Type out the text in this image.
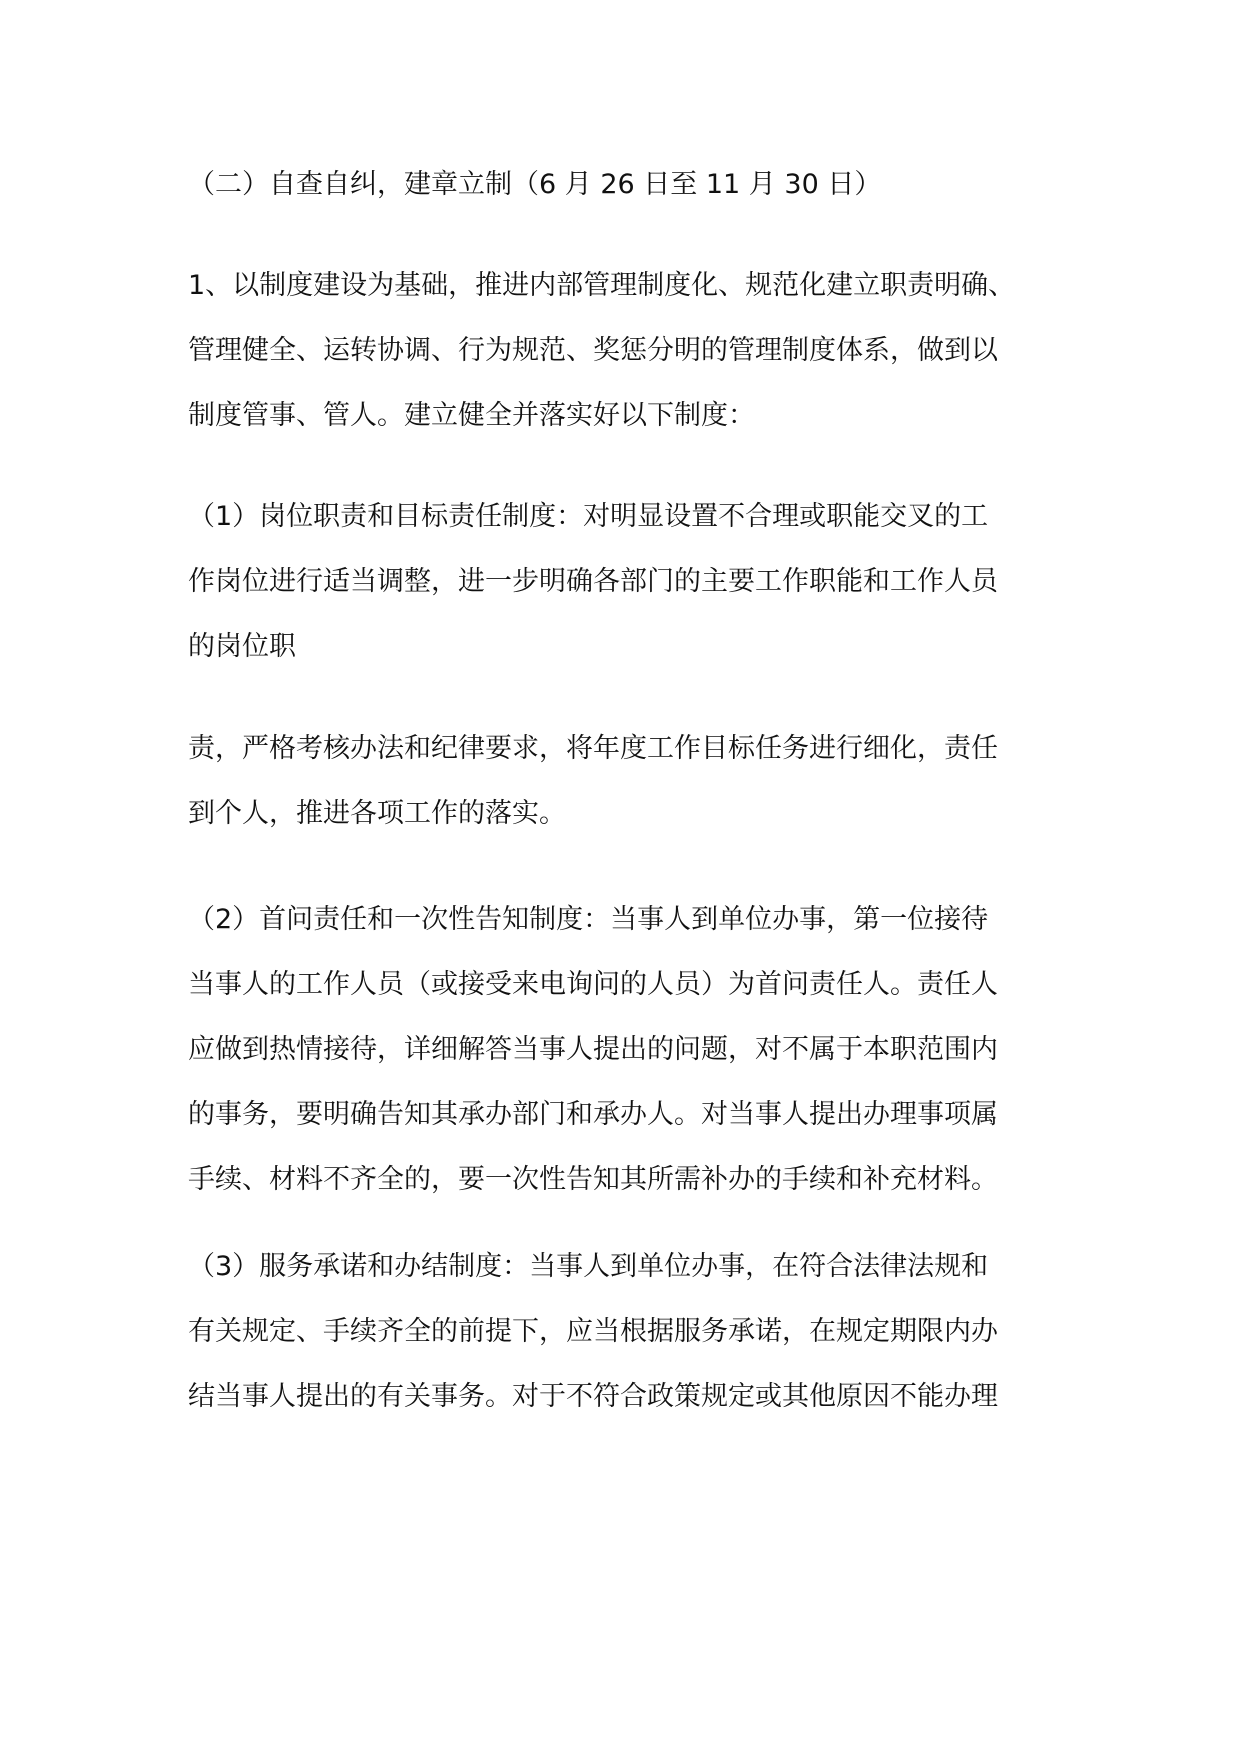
（二）自查自纠，建章立制（6 月 26 日至 11 月 30 日）
1、以制度建设为基础，推进内部管理制度化、规范化建立职责明确、
管理健全、运转协调、行为规范、奖惩分明的管理制度体系，做到以
制度管事、管人。建立健全并落实好以下制度：
（1）岗位职责和目标责任制度：对明显设置不合理或职能交叉的工
作岗位进行适当调整，进一步明确各部门的主要工作职能和工作人员
的岗位职
责，严格考核办法和纪律要求，将年度工作目标任务进行细化，责任
到个人，推进各项工作的落实。
（2）首问责任和一次性告知制度：当事人到单位办事，第一位接待
当事人的工作人员（或接受来电询问的人员）为首问责任人。责任人
应做到热情接待，详细解答当事人提出的问题，对不属于本职范围内
的事务，要明确告知其承办部门和承办人。对当事人提出办理事项属
手续、材料不齐全的，要一次性告知其所需补办的手续和补充材料。
（3）服务承诺和办结制度：当事人到单位办事，在符合法律法规和
有关规定、手续齐全的前提下，应当根据服务承诺，在规定期限内办
结当事人提出的有关事务。对于不符合政策规定或其他原因不能办理
